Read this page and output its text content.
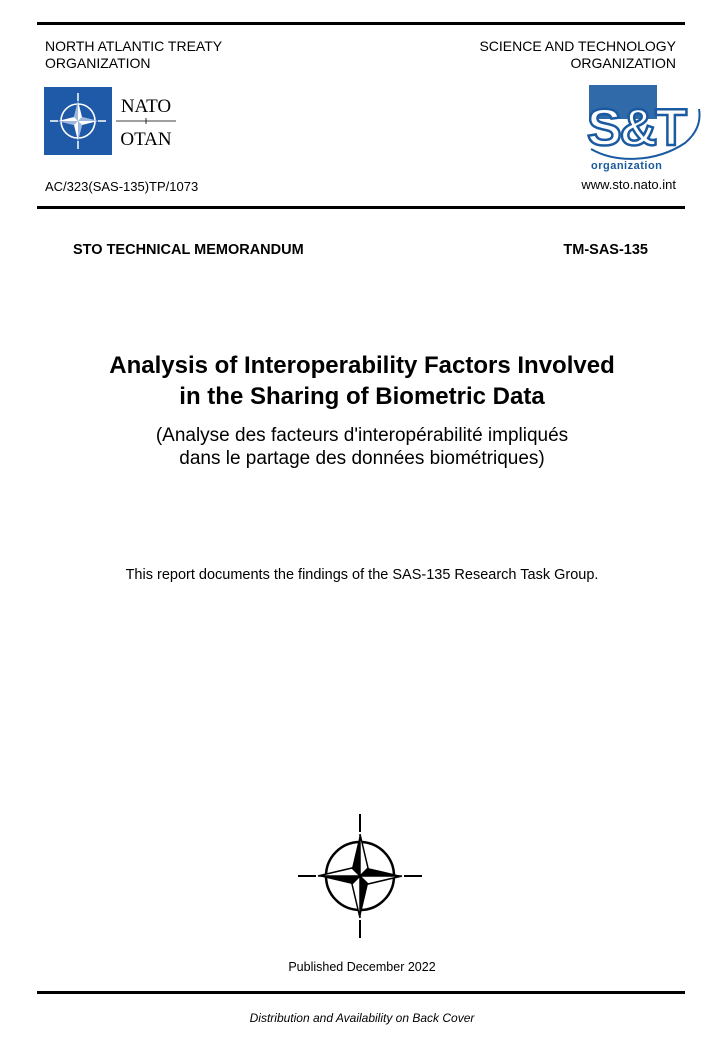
NORTH ATLANTIC TREATY
ORGANIZATION
SCIENCE AND TECHNOLOGY
ORGANIZATION
NATO
OTAN	S&T
organization
AC/323(SAS-135)TP/1073	www.sto.nato.int
STO TECHNICAL MEMORANDUM	TM-SAS-135
Analysis of Interoperability Factors Involved
in the Sharing of Biometric Data
(Analyse des facteurs d'interopérabilité impliqués
dans le partage des données biométriques)
This report documents the findings of the SAS-135 Research Task Group.
Published December 2022
Distribution and Availability on Back Cover
